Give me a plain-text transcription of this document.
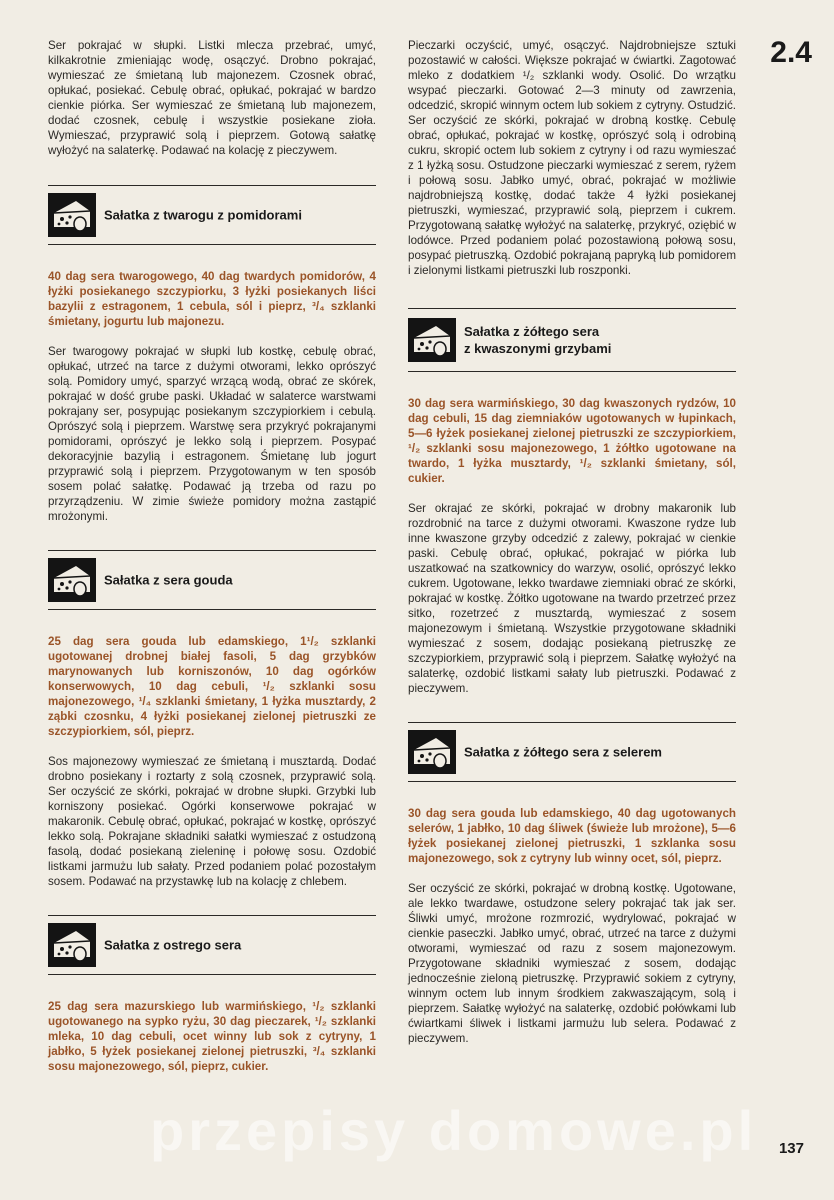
2.4

Ser pokrajać w słupki. Listki mlecza przebrać, umyć, kilkakrotnie zmieniając wodę, osączyć. Drobno pokrajać, wymieszać ze śmietaną lub majonezem. Czosnek obrać, opłukać, posiekać. Cebulę obrać, opłukać, pokrajać w bardzo cienkie piórka. Ser wymieszać ze śmietaną lub majonezem, dodać czosnek, cebulę i wszystkie posiekane zioła. Wymieszać, przyprawić solą i pieprzem. Gotową sałatkę wyłożyć na salaterkę. Podawać na kolację z pieczywem.

Sałatka z twarogu z pomidorami

40 dag sera twarogowego, 40 dag twardych pomidorów, 4 łyżki posiekanego szczypiorku, 3 łyżki posiekanych liści bazylii z estragonem, 1 cebula, sól i pieprz, ³/₄ szklanki śmietany, jogurtu lub majonezu.

Ser twarogowy pokrajać w słupki lub kostkę, cebulę obrać, opłukać, utrzeć na tarce z dużymi otworami, lekko oprószyć solą. Pomidory umyć, sparzyć wrzącą wodą, obrać ze skórek, pokrajać w dość grube paski. Układać w salaterce warstwami pokrajany ser, posypując posiekanym szczypiorkiem i cebulą. Oprószyć solą i pieprzem. Warstwę sera przykryć pokrajanymi pomidorami, oprószyć je lekko solą i pieprzem. Posypać dekoracyjnie bazylią i estragonem. Śmietanę lub jogurt przyprawić solą i pieprzem. Przygotowanym w ten sposób sosem polać sałatkę. Podawać ją trzeba od razu po przyrządzeniu. W zimie świeże pomidory można zastąpić mrożonymi.

Sałatka z sera gouda

25 dag sera gouda lub edamskiego, 1¹/₂ szklanki ugotowanej drobnej białej fasoli, 5 dag grzybków marynowanych lub korniszonów, 10 dag ogórków konserwowych, 10 dag cebuli, ¹/₂ szklanki sosu majonezowego, ¹/₄ szklanki śmietany, 1 łyżka musztardy, 2 ząbki czosnku, 4 łyżki posiekanej zielonej pietruszki ze szczypiorkiem, sól, pieprz.

Sos majonezowy wymieszać ze śmietaną i musztardą. Dodać drobno posiekany i roztarty z solą czosnek, przyprawić solą. Ser oczyścić ze skórki, pokrajać w drobne słupki. Grzybki lub korniszony posiekać. Ogórki konserwowe pokrajać w makaronik. Cebulę obrać, opłukać, pokrajać w kostkę, oprószyć lekko solą. Pokrajane składniki sałatki wymieszać z ostudzoną fasolą, dodać posiekaną zieleninę i połowę sosu. Ozdobić listkami jarmużu lub sałaty. Przed podaniem polać pozostałym sosem. Podawać na przystawkę lub na kolację z chlebem.

Sałatka z ostrego sera

25 dag sera mazurskiego lub warmińskiego, ¹/₂ szklanki ugotowanego na sypko ryżu, 30 dag pieczarek, ¹/₂ szklanki mleka, 10 dag cebuli, ocet winny lub sok z cytryny, 1 jabłko, 5 łyżek posiekanej zielonej pietruszki, ³/₄ szklanki sosu majonezowego, sól, pieprz, cukier.

Pieczarki oczyścić, umyć, osączyć. Najdrobniejsze sztuki pozostawić w całości. Większe pokrajać w ćwiartki. Zagotować mleko z dodatkiem ¹/₂ szklanki wody. Osolić. Do wrzątku wsypać pieczarki. Gotować 2—3 minuty od zawrzenia, odcedzić, skropić winnym octem lub sokiem z cytryny. Ostudzić. Ser oczyścić ze skórki, pokrajać w drobną kostkę. Cebulę obrać, opłukać, pokrajać w kostkę, oprószyć solą i odrobiną cukru, skropić octem lub sokiem z cytryny i od razu wymieszać z 1 łyżką sosu. Ostudzone pieczarki wymieszać z serem, ryżem i połową sosu. Jabłko umyć, obrać, pokrajać w możliwie najdrobniejszą kostkę, dodać także 4 łyżki posiekanej pietruszki, wymieszać, przyprawić solą, pieprzem i cukrem. Przygotowaną sałatkę wyłożyć na salaterkę, przykryć, oziębić w lodówce. Przed podaniem polać pozostawioną połową sosu, posypać pietruszką. Ozdobić pokrajaną papryką lub pomidorem i zielonymi listkami pietruszki lub roszponki.

Sałatka z żółtego sera
z kwaszonymi grzybami

30 dag sera warmińskiego, 30 dag kwaszonych rydzów, 10 dag cebuli, 15 dag ziemniaków ugotowanych w łupinkach, 5—6 łyżek posiekanej zielonej pietruszki ze szczypiorkiem, ¹/₂ szklanki sosu majonezowego, 1 żółtko ugotowane na twardo, 1 łyżka musztardy, ¹/₂ szklanki śmietany, sól, cukier.

Ser okrajać ze skórki, pokrajać w drobny makaronik lub rozdrobnić na tarce z dużymi otworami. Kwaszone rydze lub inne kwaszone grzyby odcedzić z zalewy, pokrajać w cienkie paski. Cebulę obrać, opłukać, pokrajać w piórka lub uszatkować na szatkownicy do warzyw, osolić, oprószyć lekko cukrem. Ugotowane, lekko twardawe ziemniaki obrać ze skórki, pokrajać w kostkę. Żółtko ugotowane na twardo przetrzeć przez sitko, rozetrzeć z musztardą, wymieszać z sosem majonezowym i śmietaną. Wszystkie przygotowane składniki wymieszać z sosem, dodając posiekaną pietruszkę ze szczypiorkiem, przyprawić solą i pieprzem. Sałatkę wyłożyć na salaterkę, ozdobić listkami sałaty lub pietruszki. Podawać z pieczywem.

Sałatka z żółtego sera z selerem

30 dag sera gouda lub edamskiego, 40 dag ugotowanych selerów, 1 jabłko, 10 dag śliwek (świeże lub mrożone), 5—6 łyżek posiekanej zielonej pietruszki, 1 szklanka sosu majonezowego, sok z cytryny lub winny ocet, sól, pieprz.

Ser oczyścić ze skórki, pokrajać w drobną kostkę. Ugotowane, ale lekko twardawe, ostudzone selery pokrajać tak jak ser. Śliwki umyć, mrożone rozmrozić, wydrylować, pokrajać w cienkie paseczki. Jabłko umyć, obrać, utrzeć na tarce z dużymi otworami, wymieszać od razu z sosem majonezowym. Przygotowane składniki wymieszać z sosem, dodając jednocześnie zieloną pietruszkę. Przyprawić sokiem z cytryny, winnym octem lub innym środkiem zakwaszającym, solą i pieprzem. Sałatkę wyłożyć na salaterkę, ozdobić połówkami lub ćwiartkami śliwek i listkami jarmużu lub selera. Podawać z pieczywem.

przepisy domowe.pl 137
